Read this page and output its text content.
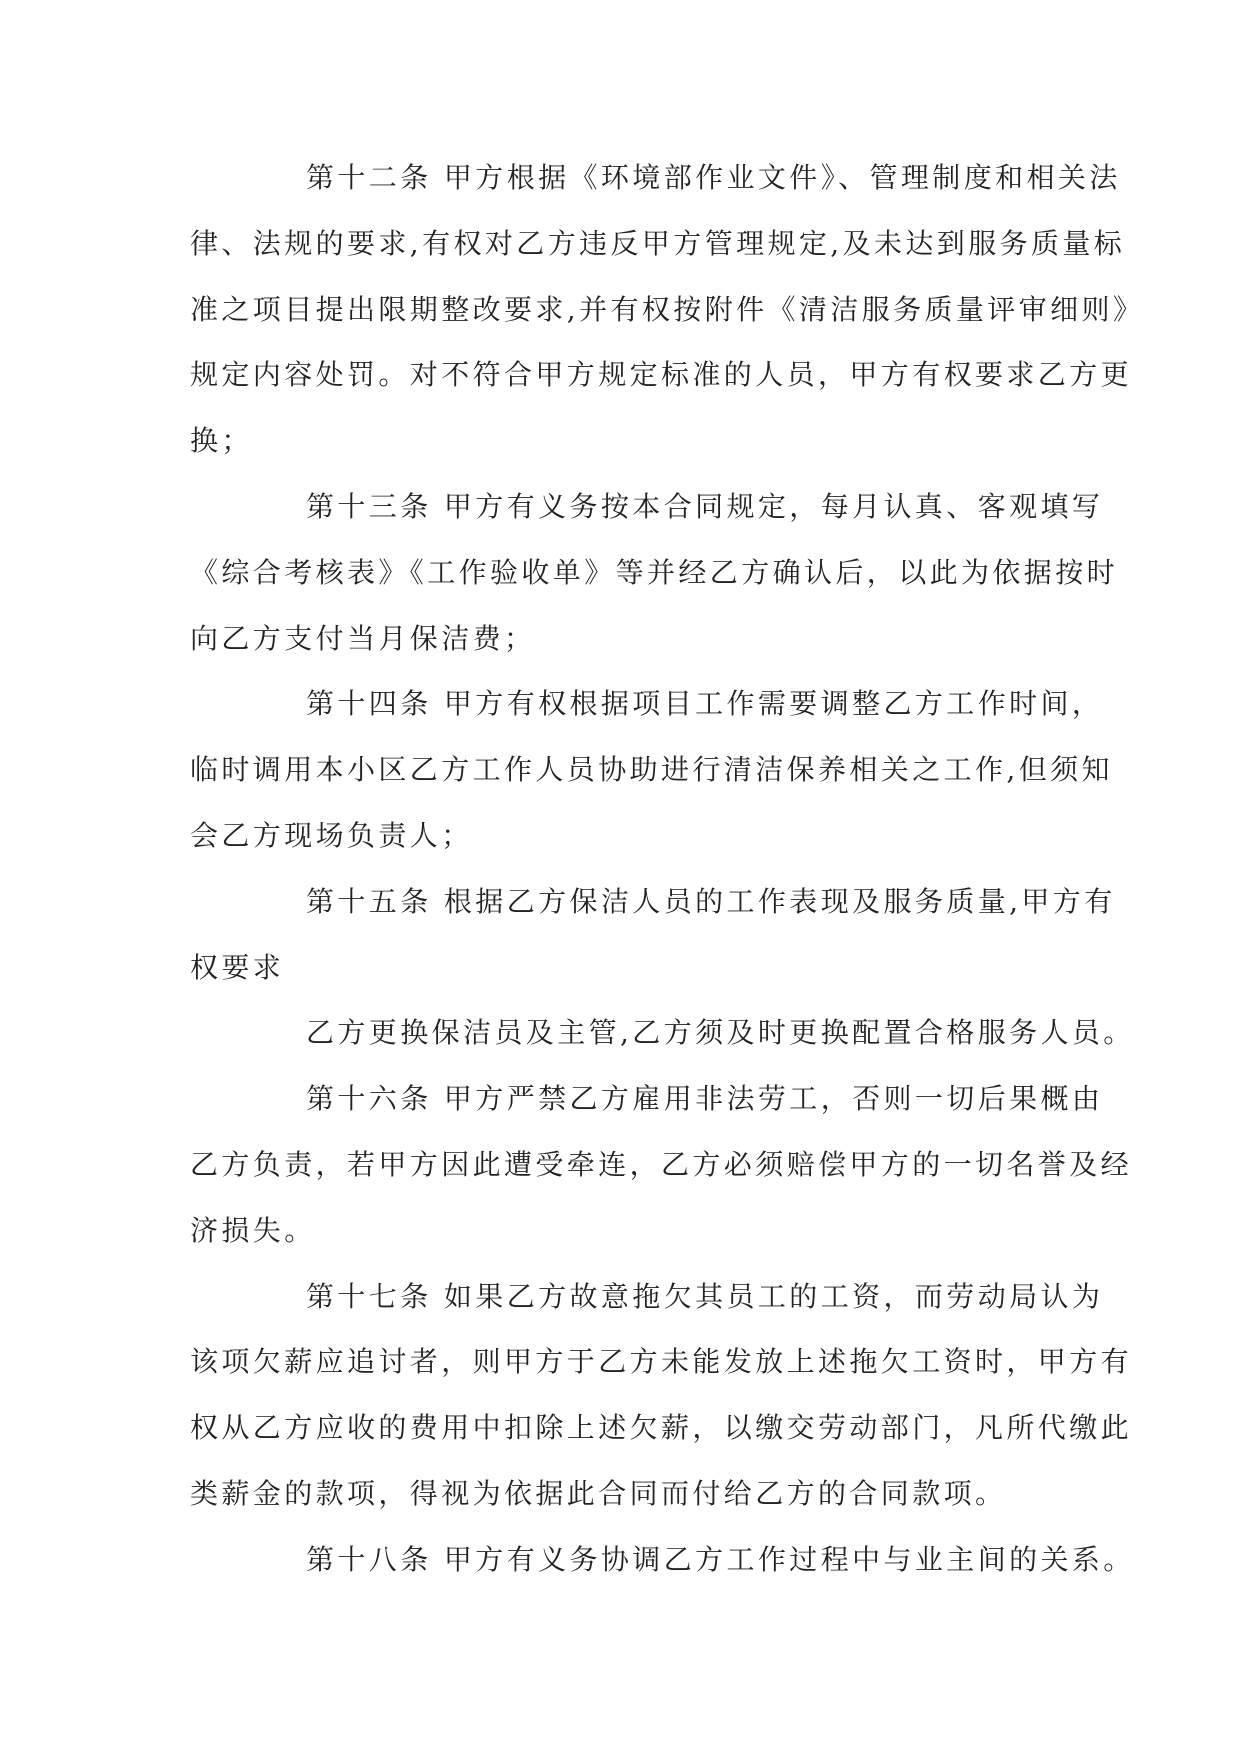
第十二条 甲方根据《环境部作业文件》、管理制度和相关法
律、法规的要求,有权对乙方违反甲方管理规定,及未达到服务质量标
准之项目提出限期整改要求,并有权按附件《清洁服务质量评审细则》
规定内容处罚。对不符合甲方规定标准的人员，甲方有权要求乙方更
换；
第十三条 甲方有义务按本合同规定，每月认真、客观填写
《综合考核表》《工作验收单》等并经乙方确认后，以此为依据按时
向乙方支付当月保洁费；
第十四条 甲方有权根据项目工作需要调整乙方工作时间，
临时调用本小区乙方工作人员协助进行清洁保养相关之工作,但须知
会乙方现场负责人；
第十五条 根据乙方保洁人员的工作表现及服务质量,甲方有
权要求
乙方更换保洁员及主管,乙方须及时更换配置合格服务人员。
第十六条 甲方严禁乙方雇用非法劳工，否则一切后果概由
乙方负责，若甲方因此遭受牵连，乙方必须赔偿甲方的一切名誉及经
济损失。
第十七条 如果乙方故意拖欠其员工的工资，而劳动局认为
该项欠薪应追讨者，则甲方于乙方未能发放上述拖欠工资时，甲方有
权从乙方应收的费用中扣除上述欠薪，以缴交劳动部门，凡所代缴此
类薪金的款项，得视为依据此合同而付给乙方的合同款项。
第十八条 甲方有义务协调乙方工作过程中与业主间的关系。
